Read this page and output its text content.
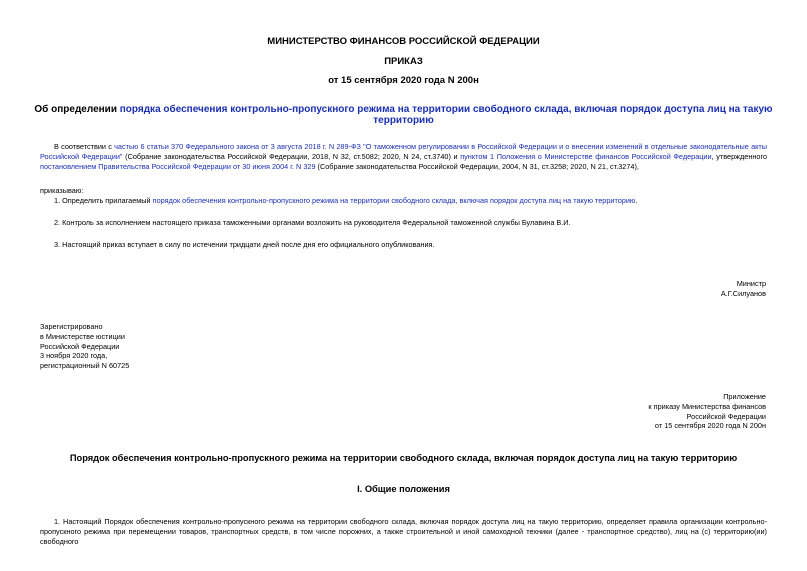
МИНИСТЕРСТВО ФИНАНСОВ РОССИЙСКОЙ ФЕДЕРАЦИИ
ПРИКАЗ
от 15 сентября 2020 года N 200н
Об определении порядка обеспечения контрольно-пропускного режима на территории свободного склада, включая порядок доступа лиц на такую территорию
В соответствии с частью 6 статьи 370 Федерального закона от 3 августа 2018 г. N 289-ФЗ "О таможенном регулировании в Российской Федерации и о внесении изменений в отдельные законодательные акты Российской Федерации" (Собрание законодательства Российской Федерации, 2018, N 32, ст.5082; 2020, N 24, ст.3740) и пунктом 1 Положения о Министерстве финансов Российской Федерации, утвержденного постановлением Правительства Российской Федерации от 30 июня 2004 г. N 329 (Собрание законодательства Российской Федерации, 2004, N 31, ст.3258; 2020, N 21, ст.3274),
приказываю:
1. Определить прилагаемый порядок обеспечения контрольно-пропускного режима на территории свободного склада, включая порядок доступа лиц на такую территорию.
2. Контроль за исполнением настоящего приказа таможенными органами возложить на руководителя Федеральной таможенной службы Булавина В.И.
3. Настоящий приказ вступает в силу по истечении тридцати дней после дня его официального опубликования.
Министр
А.Г.Силуанов
Зарегистрировано
в Министерстве юстиции
Российской Федерации
3 ноября 2020 года,
регистрационный N 60725
Приложение
к приказу Министерства финансов
Российской Федерации
от 15 сентября 2020 года N 200н
Порядок обеспечения контрольно-пропускного режима на территории свободного склада, включая порядок доступа лиц на такую территорию
I. Общие положения
1. Настоящий Порядок обеспечения контрольно-пропускного режима на территории свободного склада, включая порядок доступа лиц на такую территорию, определяет правила организации контрольно-пропускного режима при перемещении товаров, транспортных средств, в том числе порожних, а также строительной и иной самоходной техники (далее - транспортное средство), лиц на (с) территорию(ии) свободного
